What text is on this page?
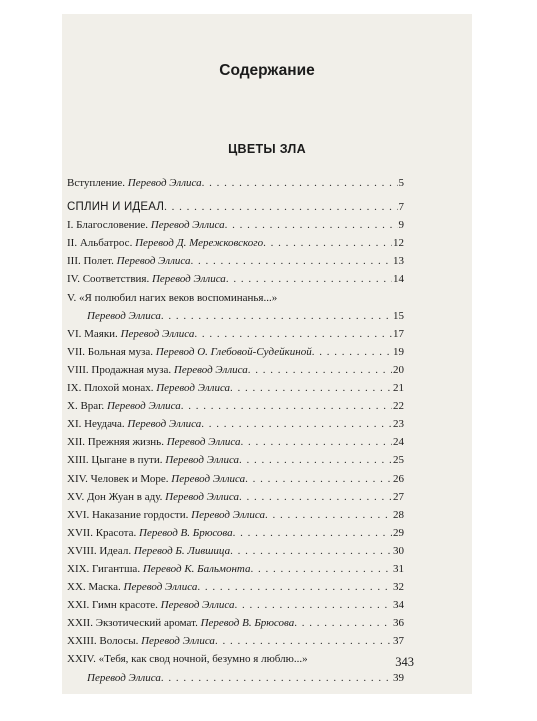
Содержание
ЦВЕТЫ ЗЛА
Вступление. Перевод Эллиса . . .	5
СПЛИН И ИДЕАЛ . . .	7
I. Благословение. Перевод Эллиса . . .	9
II. Альбатрос. Перевод Д. Мережковского . . .	12
III. Полет. Перевод Эллиса . . .	13
IV. Соответствия. Перевод Эллиса . . .	14
V. «Я полюбил нагих веков воспоминанья...»
Перевод Эллиса . . .	15
VI. Маяки. Перевод Эллиса . . .	17
VII. Больная муза. Перевод О. Глебовой-Судейкиной . . .	19
VIII. Продажная муза. Перевод Эллиса . . .	20
IX. Плохой монах. Перевод Эллиса . . .	21
X. Враг. Перевод Эллиса . . .	22
XI. Неудача. Перевод Эллиса . . .	23
XII. Прежняя жизнь. Перевод Эллиса . . .	24
XIII. Цыгане в пути. Перевод Эллиса . . .	25
XIV. Человек и Море. Перевод Эллиса . . .	26
XV. Дон Жуан в аду. Перевод Эллиса . . .	27
XVI. Наказание гордости. Перевод Эллиса . . .	28
XVII. Красота. Перевод В. Брюсова . . .	29
XVIII. Идеал. Перевод Б. Лившица . . .	30
XIX. Гигантша. Перевод К. Бальмонта . . .	31
XX. Маска. Перевод Эллиса . . .	32
XXI. Гимн красоте. Перевод Эллиса . . .	34
XXII. Экзотический аромат. Перевод В. Брюсова . . .	36
XXIII. Волосы. Перевод Эллиса . . .	37
XXIV. «Тебя, как свод ночной, безумно я люблю...»
Перевод Эллиса . . .	39
343
